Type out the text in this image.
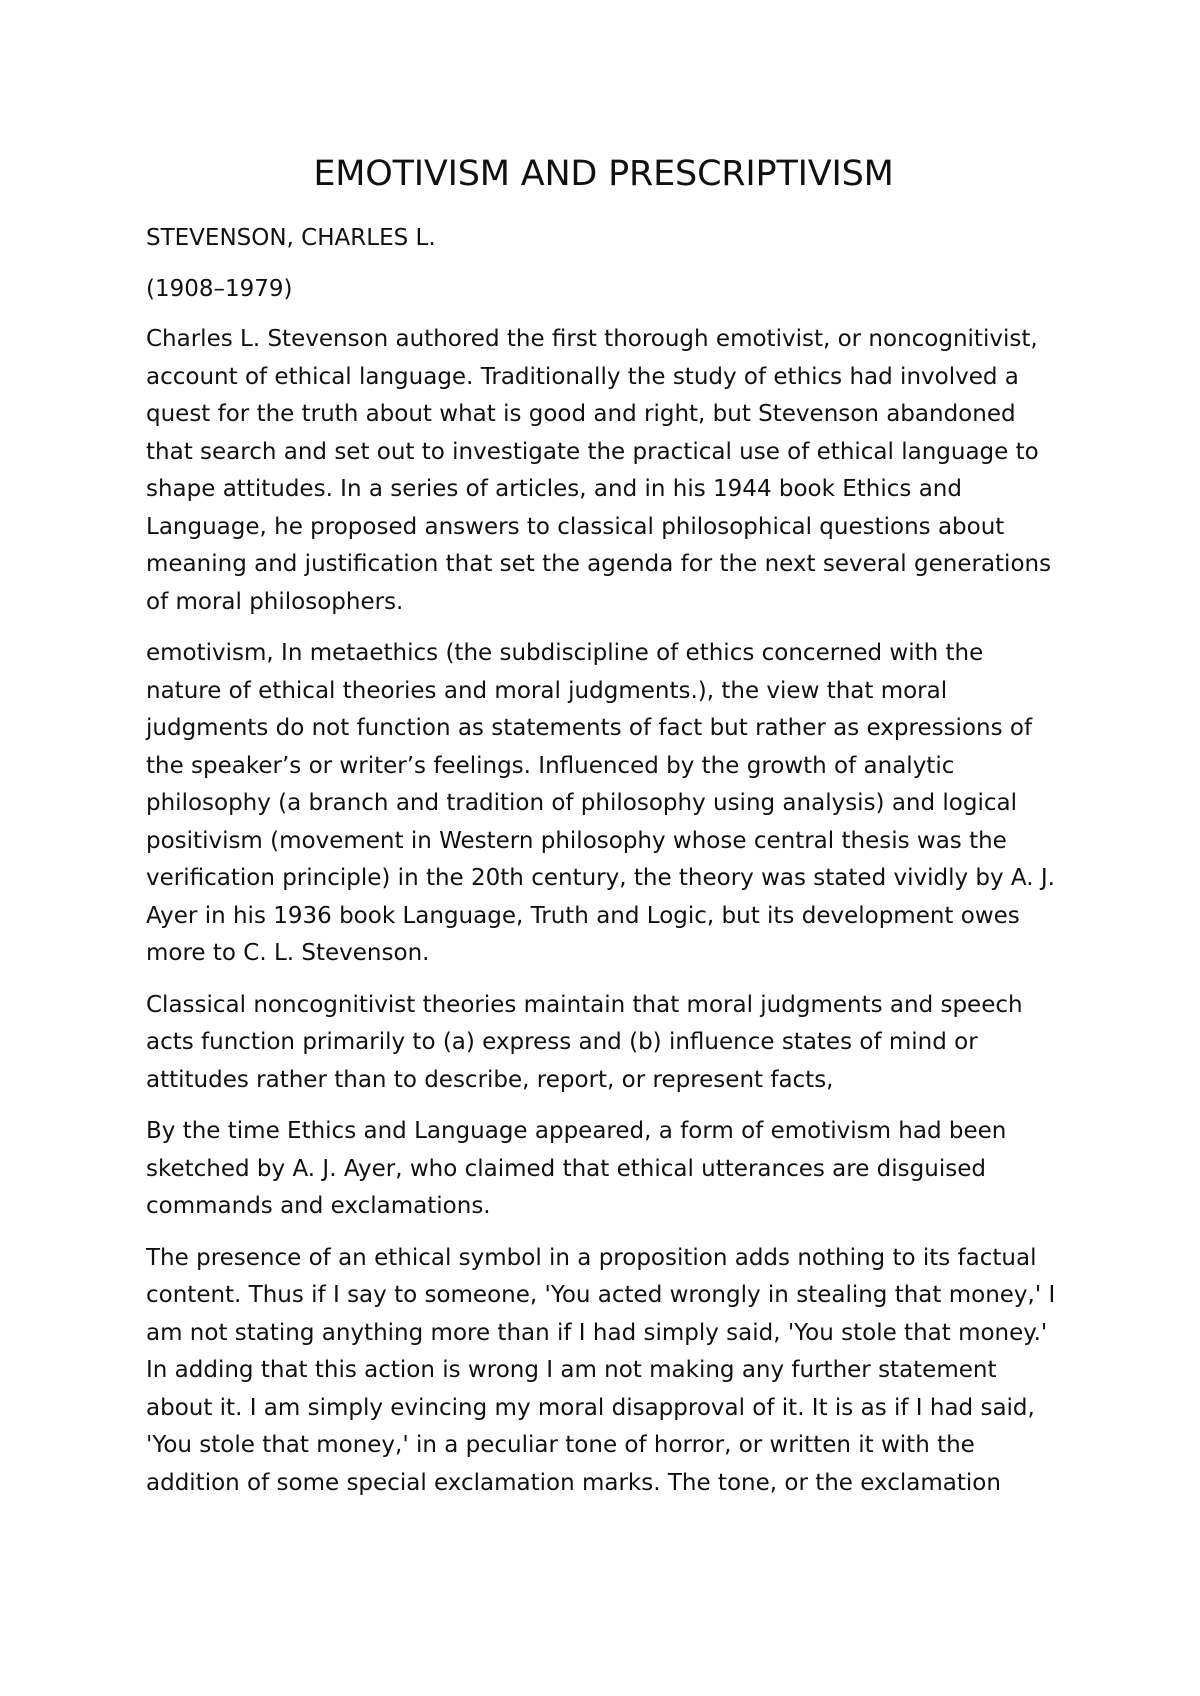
EMOTIVISM AND PRESCRIPTIVISM
STEVENSON, CHARLES L.
(1908–1979)

Charles L. Stevenson authored the first thorough emotivist, or noncognitivist, account of ethical language. Traditionally the study of ethics had involved a quest for the truth about what is good and right, but Stevenson abandoned that search and set out to investigate the practical use of ethical language to shape attitudes. In a series of articles, and in his 1944 book Ethics and Language, he proposed answers to classical philosophical questions about meaning and justification that set the agenda for the next several generations of moral philosophers.

emotivism, In metaethics (the subdiscipline of ethics concerned with the nature of ethical theories and moral judgments.), the view that moral judgments do not function as statements of fact but rather as expressions of the speaker’s or writer’s feelings. Influenced by the growth of analytic philosophy (a branch and tradition of philosophy using analysis) and logical positivism (movement in Western philosophy whose central thesis was the verification principle) in the 20th century, the theory was stated vividly by A. J. Ayer in his 1936 book Language, Truth and Logic, but its development owes more to C. L. Stevenson.

Classical noncognitivist theories maintain that moral judgments and speech acts function primarily to (a) express and (b) influence states of mind or attitudes rather than to describe, report, or represent facts,

By the time Ethics and Language appeared, a form of emotivism had been sketched by A. J. Ayer, who claimed that ethical utterances are disguised commands and exclamations.

The presence of an ethical symbol in a proposition adds nothing to its factual content. Thus if I say to someone, 'You acted wrongly in stealing that money,' I am not stating anything more than if I had simply said, 'You stole that money.' In adding that this action is wrong I am not making any further statement about it. I am simply evincing my moral disapproval of it. It is as if I had said, 'You stole that money,' in a peculiar tone of horror, or written it with the addition of some special exclamation marks. The tone, or the exclamation
